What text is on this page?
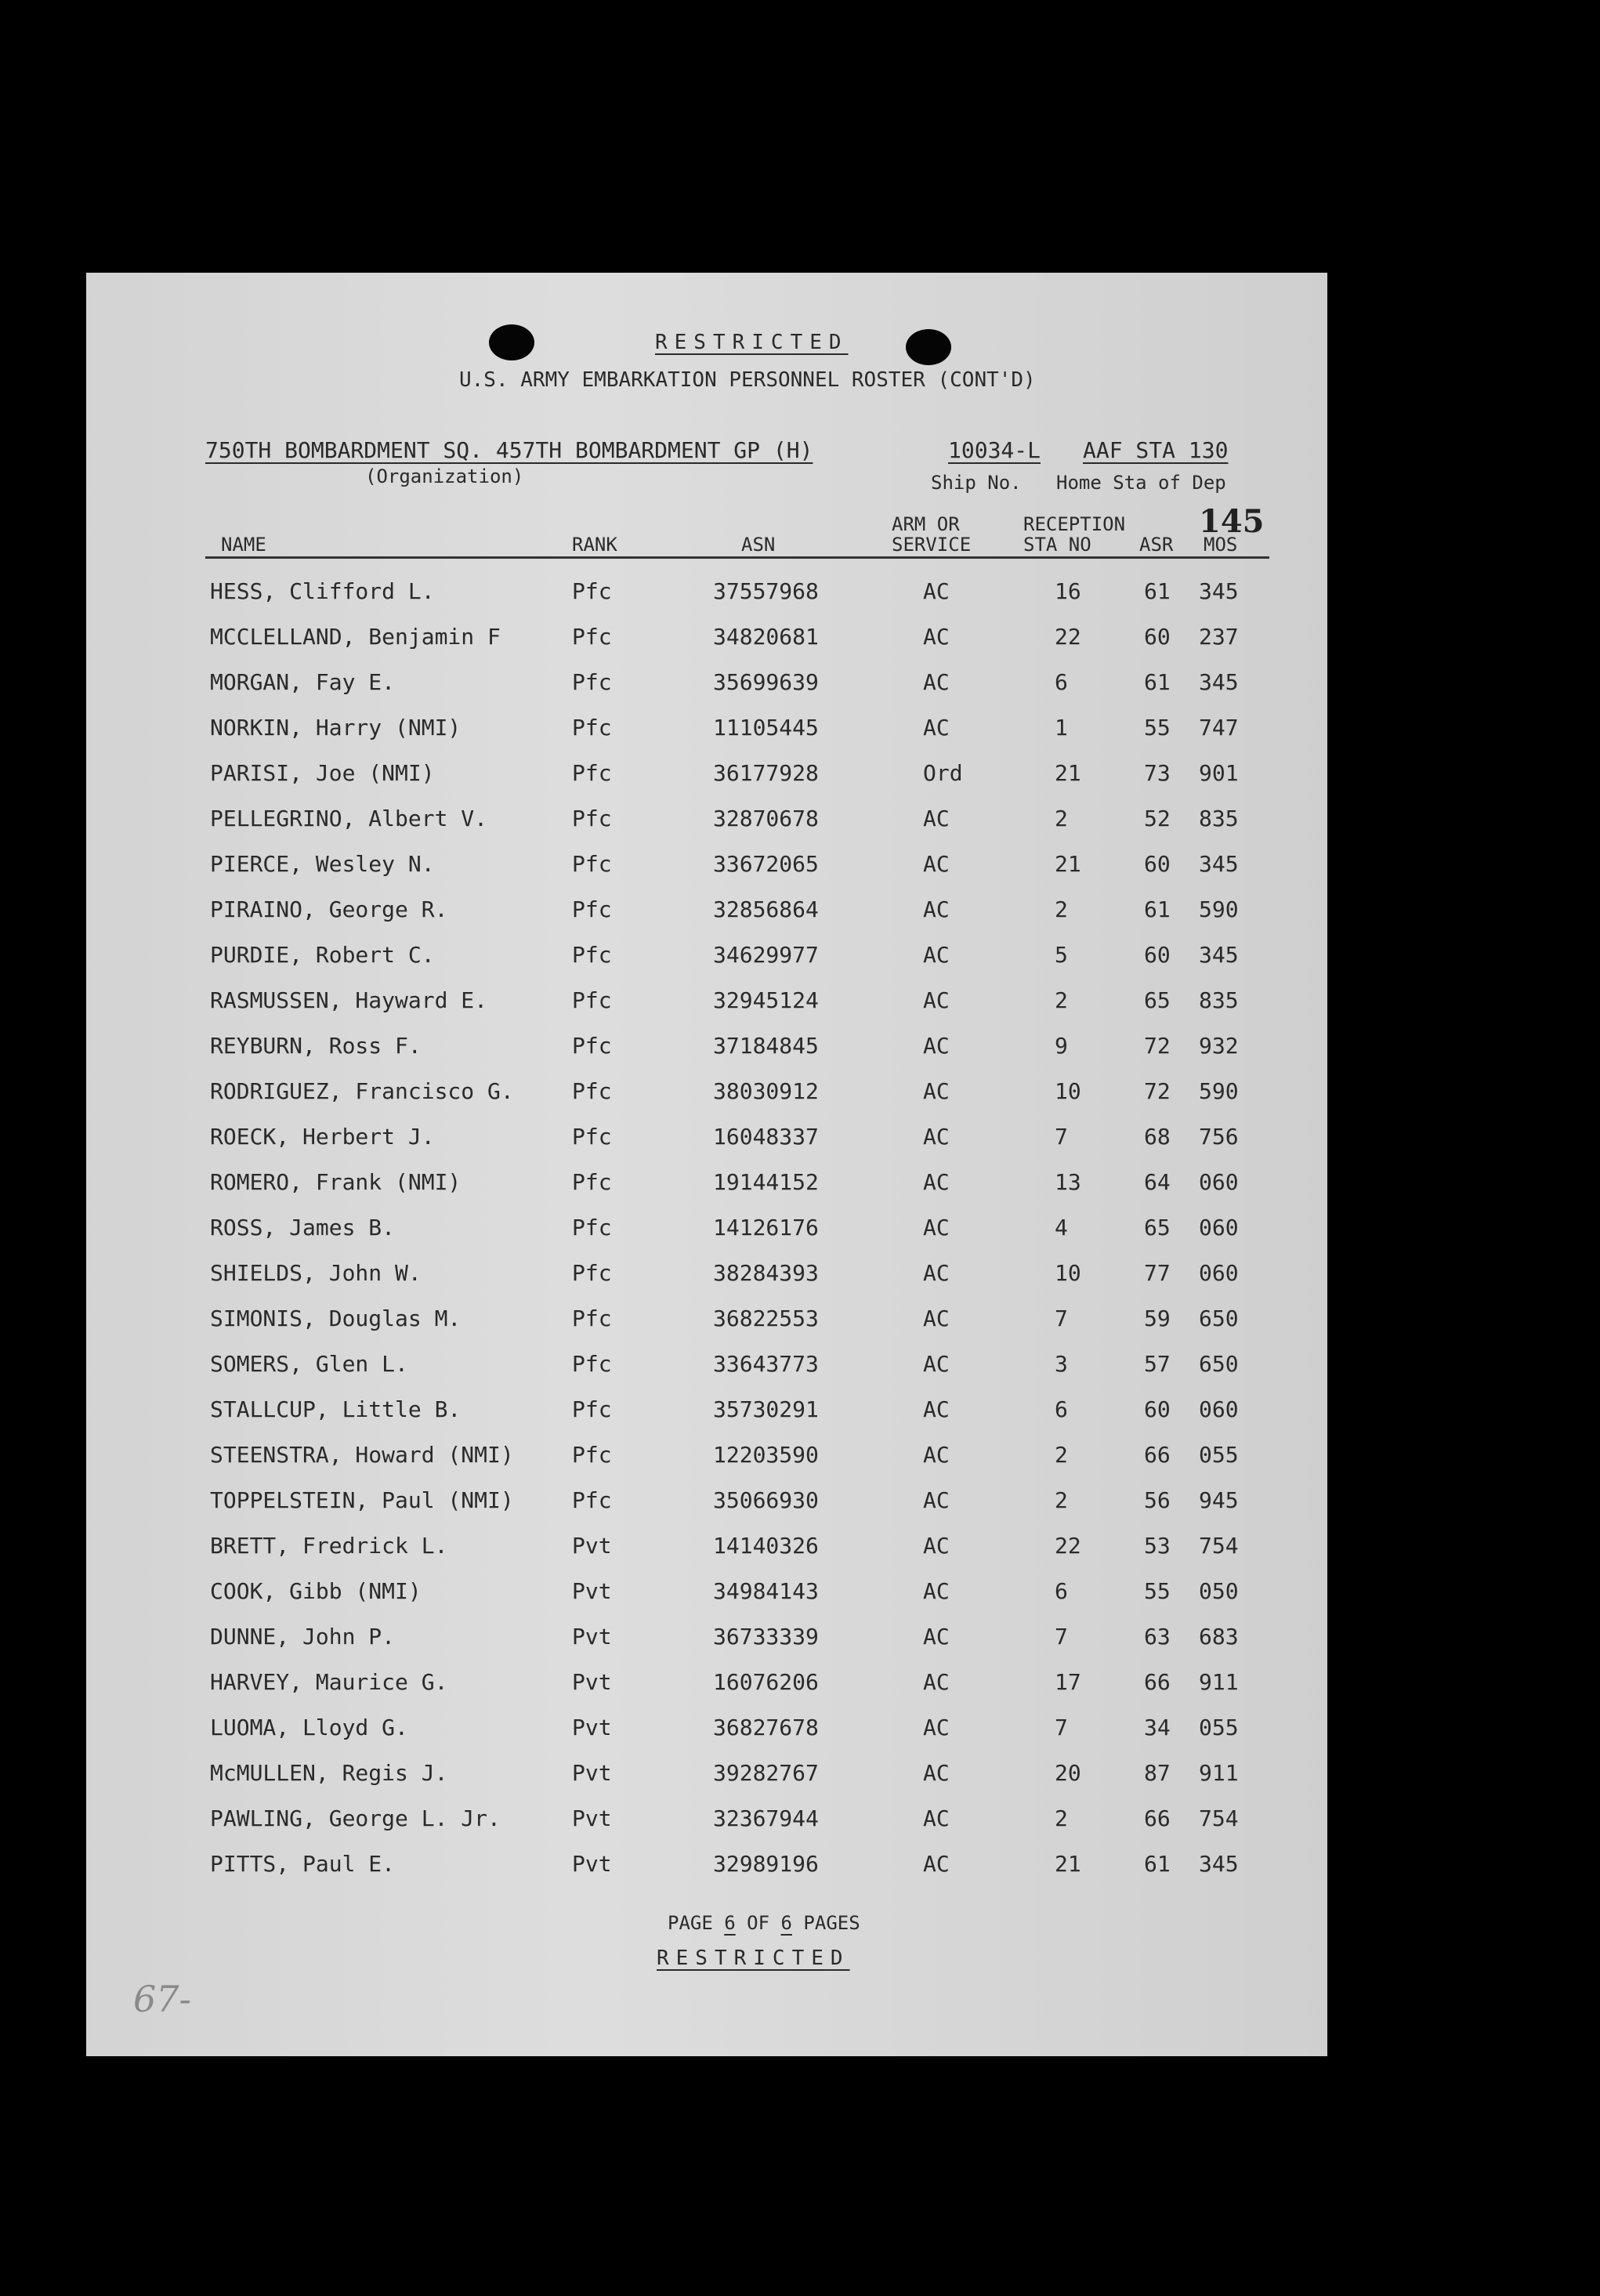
RESTRICTED
U.S. ARMY EMBARKATION PERSONNEL ROSTER (CONT'D)
750TH BOMBARDMENT SQ. 457TH BOMBARDMENT GP (H)	10034-L AAF STA 130
(Organization)	Ship No. Home Sta of Dep
145
NAME	RANK	ASN
ARM OR
SERVICE
RECEPTION
STA NO	ASR MOS
HESS, Clifford L.	Pfc	37557968	AC	16	61 345
MCCLELLAND, Benjamin F	Pfc	34820681	AC	22	60 237
MORGAN, Fay E.	Pfc	35699639	AC	6	61 345
NORKIN, Harry (NMI)	Pfc	11105445	AC	1	55 747
PARISI, Joe (NMI)	Pfc	36177928	Ord	21	73 901
PELLEGRINO, Albert V.	Pfc	32870678	AC	2	52 835
PIERCE, Wesley N.	Pfc	33672065	AC	21	60 345
PIRAINO, George R.	Pfc	32856864	AC	2	61 590
PURDIE, Robert C.	Pfc	34629977	AC	5	60 345
RASMUSSEN, Hayward E.	Pfc	32945124	AC	2	65 835
REYBURN, Ross F.	Pfc	37184845	AC	9	72 932
RODRIGUEZ, Francisco G.	Pfc	38030912	AC	10	72 590
ROECK, Herbert J.	Pfc	16048337	AC	7	68 756
ROMERO, Frank (NMI)	Pfc	19144152	AC	13	64 060
ROSS, James B.	Pfc	14126176	AC	4	65 060
SHIELDS, John W.	Pfc	38284393	AC	10	77 060
SIMONIS, Douglas M.	Pfc	36822553	AC	7	59 650
SOMERS, Glen L.	Pfc	33643773	AC	3	57 650
STALLCUP, Little B.	Pfc	35730291	AC	6	60 060
STEENSTRA, Howard (NMI)	Pfc	12203590	AC	2	66 055
TOPPELSTEIN, Paul (NMI)	Pfc	35066930	AC	2	56 945
BRETT, Fredrick L.	Pvt	14140326	AC	22	53 754
COOK, Gibb (NMI)	Pvt	34984143	AC	6	55 050
DUNNE, John P.	Pvt	36733339	AC	7	63 683
HARVEY, Maurice G.	Pvt	16076206	AC	17	66 911
LUOMA, Lloyd G.	Pvt	36827678	AC	7	34 055
McMULLEN, Regis J.	Pvt	39282767	AC	20	87 911
PAWLING, George L. Jr.	Pvt	32367944	AC	2	66 754
PITTS, Paul E.	Pvt	32989196	AC	21	61 345
PAGE 6 OF 6 PAGES
RESTRICTED
67-
